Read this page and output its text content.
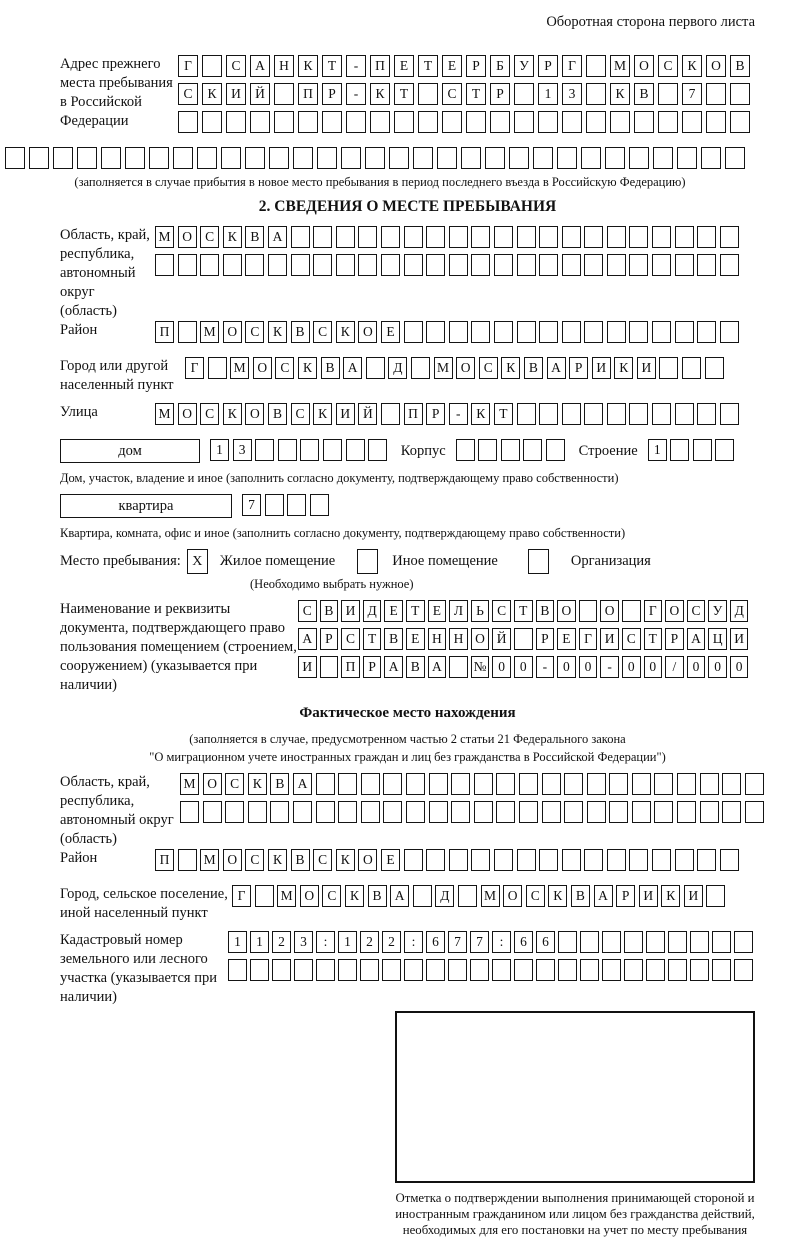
Оборотная сторона первого листа
Адрес прежнего места пребывания в Российской Федерации
Г	С А Н К Т - П Е Т Е Р Б У Р Г	М О С К О В
С К И Й	П Р - К Т	С Т Р	1 3	К В	7
(заполняется в случае прибытия в новое место пребывания в период последнего въезда в Российскую Федерацию)
2. СВЕДЕНИЯ О МЕСТЕ ПРЕБЫВАНИЯ
Область, край, республика, автономный округ (область)
М О С К В А
Район	П	М О С К В С К О Е
Город или другой населенный пункт
Г	М О С К В А	Д	М О С К В А Р И К И
Улица	М О С К О В С К И Й	П Р - К Т
дом	1 3	Корпус	Строение	1
Дом, участок, владение и иное (заполнить согласно документу, подтверждающему право собственности)
квартира	7
Квартира, комната, офис и иное (заполнить согласно документу, подтверждающему право собственности)
Место пребывания: X	Жилое помещение	Иное помещение	Организация
(Необходимо выбрать нужное)
Наименование и реквизиты документа, подтверждающего право пользования помещением (строением, сооружением) (указывается при наличии)
С В И Д Е Т Е Л Ь С Т В О О	Г О С У Д
А Р С Т В Е Н Н О Й	Р Е Г И С Т Р А Ц И
И П Р А В А № 0 0 - 0 0 - 0 0 / 0 0 0
Фактическое место нахождения
(заполняется в случае, предусмотренном частью 2 статьи 21 Федерального закона
"О миграционном учете иностранных граждан и лиц без гражданства в Российской Федерации")
Область, край, республика, автономный округ (область)
М О С К В А
Район	П	М О С К В С К О Е
Город, сельское поселение, иной населенный пункт
Г	М О С К В А	Д	М О С К В А Р И К И
Кадастровый номер земельного или лесного участка (указывается при наличии)
1 1 2 3 : 1 2 2 : 6 7 7 : 6 6
Отметка о подтверждении выполнения принимающей стороной и иностранным гражданином или лицом без гражданства действий, необходимых для его постановки на учет по месту пребывания
